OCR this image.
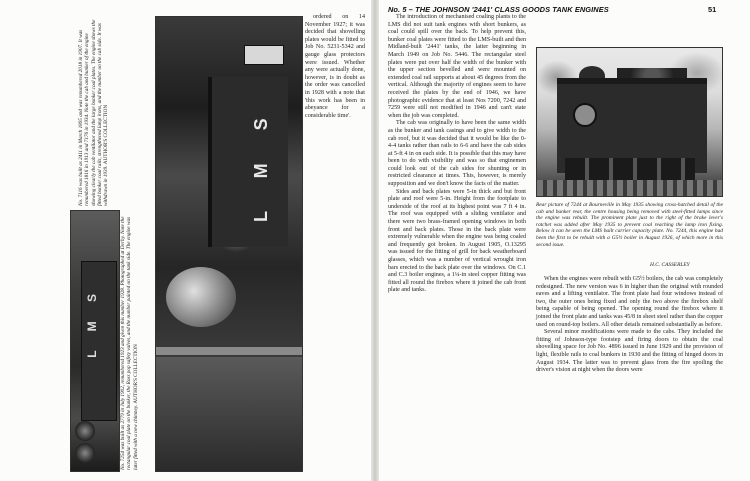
L M S
L M S
No. 7116 was built as 2411 in March 1895 and was renumbered 2018 in 1907. It was renumbered 1816 in 1913 and 7176 in 1934. Note the cab and bunker of the engine showing clearly the cab ventilator and the large bunker coal plates. The engine shows the fitted bunker coal rails, strengthened lamp irons, and the number on the cab side. It was withdrawn in 1939. AUTHOR'S COLLECTION
No. 7254 was built as 2779 in July 1902, renumbered 1923 and given this number 1928. Photographed at Derby. Note the rectangular coal plate on the bunker, the Ross pop safety valves, and the number painted on the tank side. The engine was later fitted with a new chimney. AUTHOR'S COLLECTION

ordered on 14 November 1927; it was decided that shovelling plates would be fitted to Job No. 5231-5342 and gauge glass protectors were issued. Whether any were actually done, however, is in doubt as the order was cancelled in 1928 with a note that 'this work has been in abeyance for a considerable time'.

No. 5 – THE JOHNSON '2441' CLASS GOODS TANK ENGINES	51

The introduction of mechanised coaling plants to the LMS did not suit tank engines with short bunkers, as coal could spill over the back. To help prevent this, bunker coal plates were fitted to the LMS-built and then Midland-built '2441' tanks, the latter beginning in March 1949 on Job No. 5446. The rectangular steel plates were put over half the width of the bunker with the upper section bevelled and were mounted on extended coal rail supports at about 45 degrees from the vertical. Although the majority of engines seem to have received the plates by the end of 1946, we have photographic evidence that at least Nos 7200, 7242 and 7259 were still not modified in 1946 and can't state when the job was completed.

The cab was originally to have been the same width as the bunker and tank casings and to give width to the cab roof, but it was decided that it would be like the 0-4-4 tanks rather than rails to 6-6 and have the cab sides at 5-ft 4 in on each side. It is possible that this may have been to do with visibility and was so that enginemen could look out of the cab sides for shunting or in restricted clearance at times. This, however, is merely supposition and we don't know the facts of the matter.

Sides and back plates were 5-in thick and but front plate and roof were 5-in. Height from the footplate to underside of the roof at its highest point was 7 ft 4 in. The roof was equipped with a sliding ventilator and there were two brass-framed opening windows in both front and back plates. Those in the back plate were extremely vulnerable when the engine was being coaled and frequently got broken. In August 1905, O.13295 was issued for the fitting of grill for back weatherboard glasses, which was a number of vertical wrought iron bars erected to the back plate over the windows. On C.1 and C.3 boiler engines, a 1¼-in steel copper fitting was fitted all round the firebox where it joined the cab front plate and tanks.

Rear picture of 7244 at Bourneville in May 1935 showing cross-hatched detail of the cab and bunker rear, the centre housing being removed with steel-fitted lamps since the engine was rebuilt. The prominent plate just to the right of the brake lever's ratchet was added after May 1935 to prevent coal reaching the lamp iron fixing. Below it can be seen the LMS built carrier capacity plate. No. 7244, this engine had been the first to be rebuilt with a G5½ boiler in August 1926, of which more in this second issue.
H.C. CASSERLEY

When the engines were rebuilt with G5½ boilers, the cab was completely redesigned. The new version was 6 in higher than the original with rounded eaves and a lifting ventilator. The front plate had four windows instead of two, the outer ones being fixed and only the two above the firebox shelf being capable of being opened. The opening round the firebox where it joined the front plate and tanks was 45/8 in sheet steel rather than the copper used on round-top boilers. All other details remained substantially as before.

Several minor modifications were made to the cabs. They included the fitting of Johnson-type footstep and firing doors to obtain the coal shovelling space for Job No. 4896 issued in June 1929 and the provision of light, flexible rails to coal bunkers in 1930 and the fitting of hinged doors in August 1934. The latter was to prevent glass from the fire spoiling the driver's vision at night when the doors were
